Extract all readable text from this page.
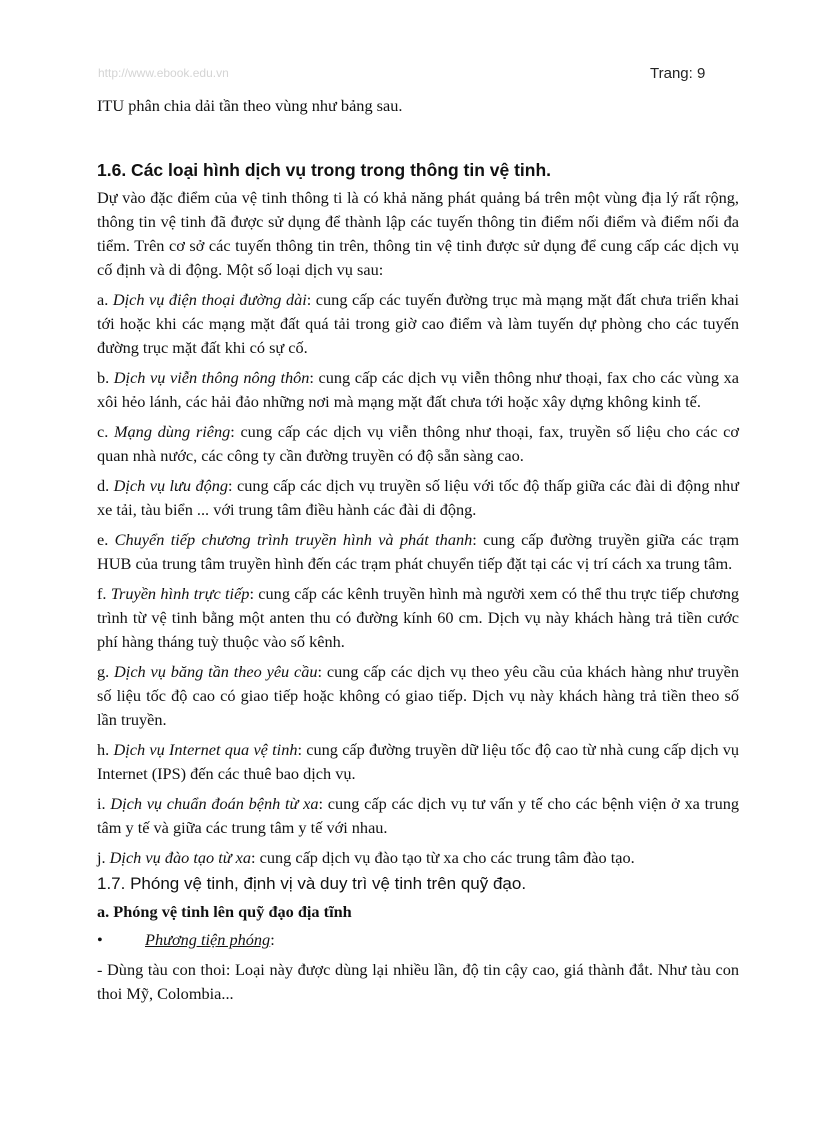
http://www.ebook.edu.vn	Trang: 9

ITU phân chia dải tần theo vùng như bảng sau.

1.6. Các loại hình dịch vụ trong trong thông tin vệ tinh.

Dự vào đặc điểm của vệ tinh thông ti là có khả năng phát quảng bá trên một vùng địa lý rất rộng, thông tin vệ tinh đã được sử dụng để thành lập các tuyến thông tin điểm nối điểm và điểm nối đa tiểm. Trên cơ sở các tuyến thông tin trên, thông tin vệ tinh được sử dụng để cung cấp các dịch vụ cố định và di động. Một số loại dịch vụ sau:

a. Dịch vụ điện thoại đường dài: cung cấp các tuyến đường trục mà mạng mặt đất chưa triển khai tới hoặc khi các mạng mặt đất quá tải trong giờ cao điểm và làm tuyến dự phòng cho các tuyến đường trục mặt đất khi có sự cố.

b. Dịch vụ viễn thông nông thôn: cung cấp các dịch vụ viễn thông như thoại, fax cho các vùng xa xôi hẻo lánh, các hải đảo những nơi mà mạng mặt đất chưa tới hoặc xây dựng không kinh tế.

c. Mạng dùng riêng: cung cấp các dịch vụ viễn thông như thoại, fax, truyền số liệu cho các cơ quan nhà nước, các công ty cần đường truyền có độ sẵn sàng cao.

d. Dịch vụ lưu động: cung cấp các dịch vụ truyền số liệu với tốc độ thấp giữa các đài di động như xe tải, tàu biển ... với trung tâm điều hành các đài di động.

e. Chuyển tiếp chương trình truyền hình và phát thanh: cung cấp đường truyền giữa các trạm HUB của trung tâm truyền hình đến các trạm phát chuyển tiếp đặt tại các vị trí cách xa trung tâm.

f. Truyền hình trực tiếp: cung cấp các kênh truyền hình mà người xem có thể thu trực tiếp chương trình từ vệ tinh bằng một anten thu có đường kính 60 cm. Dịch vụ này khách hàng trả tiền cước phí hàng tháng tuỳ thuộc vào số kênh.

g. Dịch vụ băng tần theo yêu cầu: cung cấp các dịch vụ theo yêu cầu của khách hàng như truyền số liệu tốc độ cao có giao tiếp hoặc không có giao tiếp. Dịch vụ này khách hàng trả tiền theo số lần truyền.

h. Dịch vụ Internet qua vệ tinh: cung cấp đường truyền dữ liệu tốc độ cao từ nhà cung cấp dịch vụ Internet (IPS) đến các thuê bao dịch vụ.

i. Dịch vụ chuẩn đoán bệnh từ xa: cung cấp các dịch vụ tư vấn y tế cho các bệnh viện ở xa trung tâm y tế và giữa các trung tâm y tế với nhau.

j. Dịch vụ đào tạo từ xa: cung cấp dịch vụ đào tạo từ xa cho các trung tâm đào tạo.

1.7. Phóng vệ tinh, định vị và duy trì vệ tinh trên quỹ đạo.

a. Phóng vệ tinh lên quỹ đạo địa tĩnh

•	Phương tiện phóng:

- Dùng tàu con thoi: Loại này được dùng lại nhiều lần, độ tin cậy cao, giá thành đắt. Như tàu con thoi Mỹ, Colombia...
